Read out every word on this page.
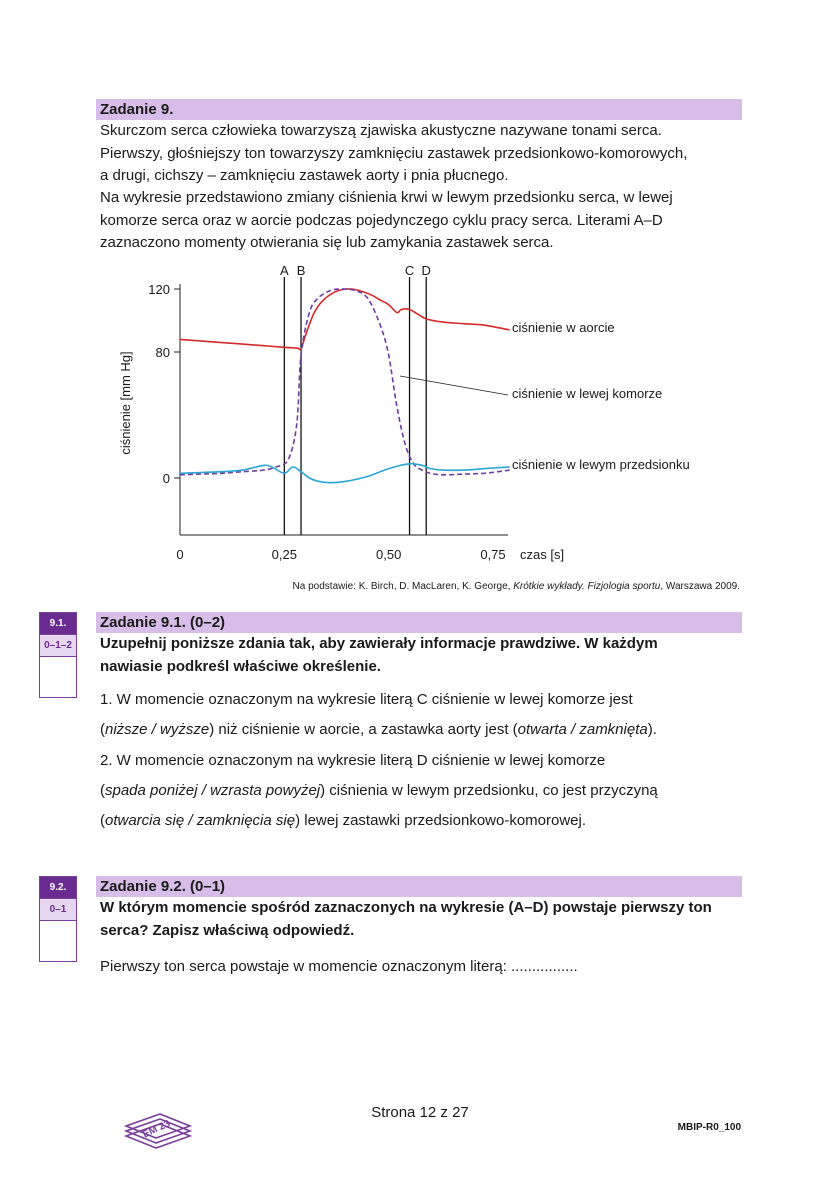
Zadanie 9.

Skurczom serca człowieka towarzyszą zjawiska akustyczne nazywane tonami serca.

Pierwszy, głośniejszy ton towarzyszy zamknięciu zastawek przedsionkowo-komorowych,

a drugi, cichszy – zamknięciu zastawek aorty i pnia płucnego.

Na wykresie przedstawiono zmiany ciśnienia krwi w lewym przedsionku serca, w lewej

komorze serca oraz w aorcie podczas pojedynczego cyklu pracy serca. Literami A–D

zaznaczono momenty otwierania się lub zamykania zastawek serca.

0
80
120
0	0,25	0,50	0,75 czas [s]
ciśnienie [mm Hg]
A B	C D
ciśnienie w aorcie
ciśnienie w lewej komorze
ciśnienie w lewym przedsionku
Na podstawie: K. Birch, D. MacLaren, K. George, Krótkie wykłady. Fizjologia sportu, Warszawa 2009.
9.1.
0–1–2
Zadanie 9.1. (0–2)

Uzupełnij poniższe zdania tak, aby zawierały informacje prawdziwe. W każdym

nawiasie podkreśl właściwe określenie.

1. W momencie oznaczonym na wykresie literą C ciśnienie w lewej komorze jest

(niższe / wyższe) niż ciśnienie w aorcie, a zastawka aorty jest (otwarta / zamknięta).

2. W momencie oznaczonym na wykresie literą D ciśnienie w lewej komorze

(spada poniżej / wzrasta powyżej) ciśnienia w lewym przedsionku, co jest przyczyną

(otwarcia się / zamknięcia się) lewej zastawki przedsionkowo-komorowej.

9.2.
0–1
Zadanie 9.2. (0–1)

W którym momencie spośród zaznaczonych na wykresie (A–D) powstaje pierwszy ton

serca? Zapisz właściwą odpowiedź.

Pierwszy ton serca powstaje w momencie oznaczonym literą: ................

EM 23
Strona 12 z 27
MBIP-R0_100
